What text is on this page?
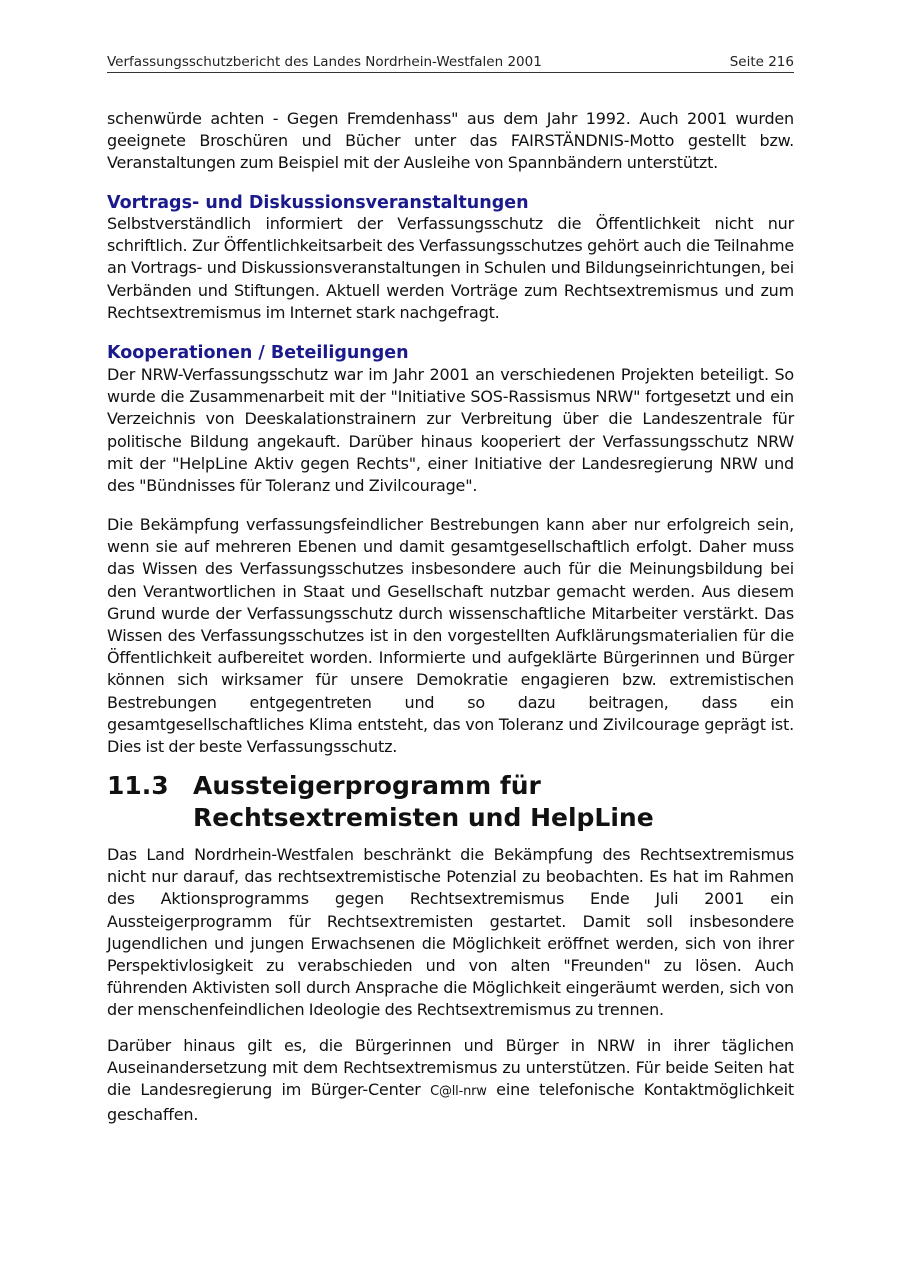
Verfassungsschutzbericht des Landes Nordrhein-Westfalen 2001	Seite 216

schenwürde achten - Gegen Fremdenhass" aus dem Jahr 1992. Auch 2001 wurden geeignete Broschüren und Bücher unter das FAIRSTÄNDNIS-Motto gestellt bzw. Veranstaltungen zum Beispiel mit der Ausleihe von Spannbändern unterstützt.

Vortrags- und Diskussionsveranstaltungen

Selbstverständlich informiert der Verfassungsschutz die Öffentlichkeit nicht nur schriftlich. Zur Öffentlichkeitsarbeit des Verfassungsschutzes gehört auch die Teilnahme an Vortrags- und Diskussionsveranstaltungen in Schulen und Bildungseinrichtungen, bei Verbänden und Stiftungen. Aktuell werden Vorträge zum Rechtsextremismus und zum Rechtsextremismus im Internet stark nachgefragt.

Kooperationen / Beteiligungen

Der NRW-Verfassungsschutz war im Jahr 2001 an verschiedenen Projekten beteiligt. So wurde die Zusammenarbeit mit der "Initiative SOS-Rassismus NRW" fortgesetzt und ein Verzeichnis von Deeskalationstrainern zur Verbreitung über die Landeszentrale für politische Bildung angekauft. Darüber hinaus kooperiert der Verfassungsschutz NRW mit der "HelpLine Aktiv gegen Rechts", einer Initiative der Landesregierung NRW und des "Bündnisses für Toleranz und Zivilcourage".

Die Bekämpfung verfassungsfeindlicher Bestrebungen kann aber nur erfolgreich sein, wenn sie auf mehreren Ebenen und damit gesamtgesellschaftlich erfolgt. Daher muss das Wissen des Verfassungsschutzes insbesondere auch für die Meinungsbildung bei den Verantwortlichen in Staat und Gesellschaft nutzbar gemacht werden. Aus diesem Grund wurde der Verfassungsschutz durch wissenschaftliche Mitarbeiter verstärkt. Das Wissen des Verfassungsschutzes ist in den vorgestellten Aufklärungsmaterialien für die Öffentlichkeit aufbereitet worden. Informierte und aufgeklärte Bürgerinnen und Bürger können sich wirksamer für unsere Demokratie engagieren bzw. extremistischen Bestrebungen entgegentreten und so dazu beitragen, dass ein gesamtgesellschaftliches Klima entsteht, das von Toleranz und Zivilcourage geprägt ist. Dies ist der beste Verfassungsschutz.

11.3 Aussteigerprogramm für Rechtsextremisten und HelpLine

Das Land Nordrhein-Westfalen beschränkt die Bekämpfung des Rechtsextremismus nicht nur darauf, das rechtsextremistische Potenzial zu beobachten. Es hat im Rahmen des Aktionsprogramms gegen Rechtsextremismus Ende Juli 2001 ein Aussteigerprogramm für Rechtsextremisten gestartet. Damit soll insbesondere Jugendlichen und jungen Erwachsenen die Möglichkeit eröffnet werden, sich von ihrer Perspektivlosigkeit zu verabschieden und von alten "Freunden" zu lösen. Auch führenden Aktivisten soll durch Ansprache die Möglichkeit eingeräumt werden, sich von der menschenfeindlichen Ideologie des Rechtsextremismus zu trennen.

Darüber hinaus gilt es, die Bürgerinnen und Bürger in NRW in ihrer täglichen Auseinandersetzung mit dem Rechtsextremismus zu unterstützen. Für beide Seiten hat die Landesregierung im Bürger-Center C@ll-nrw eine telefonische Kontaktmöglichkeit geschaffen.
